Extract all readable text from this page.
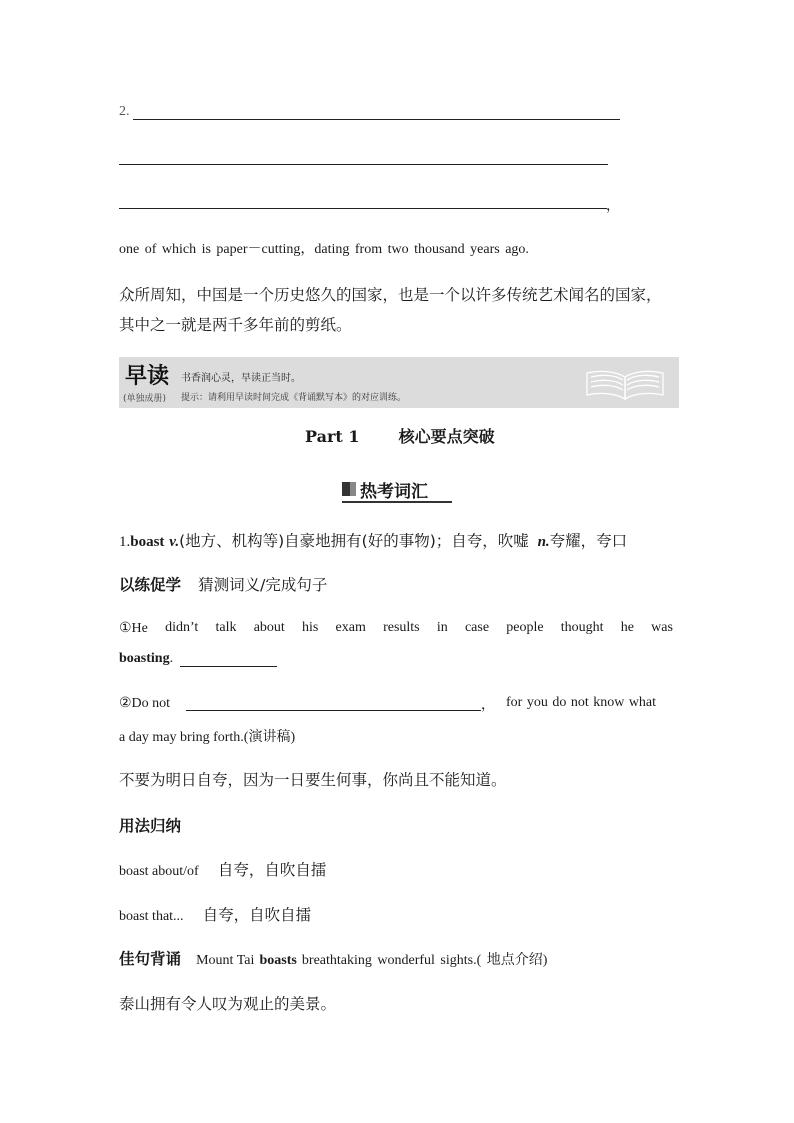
2.
，
one of which is paper－cutting，dating from two thousand years ago.
众所周知，中国是一个历史悠久的国家，也是一个以许多传统艺术闻名的国家，
其中之一就是两千多年前的剪纸。
早读 书香润心灵，早读正当时。
(单独成册) 提示：请利用早读时间完成《背诵默写本》的对应训练。
Part 1 核心要点突破
热考词汇
1.boast v.(地方、机构等)自豪地拥有(好的事物)；自夸，吹嘘 n.夸耀，夸口
以练促学 猜测词义/完成句子
①He didn’t talk about his exam results in case people thought he was
boasting.
②Do not	， for you do not know what
a day may bring forth.(演讲稿)
不要为明日自夸，因为一日要生何事，你尚且不能知道。
用法归纳
boast about/of 自夸，自吹自擂
boast that... 自夸，自吹自擂
佳句背诵 Mount Tai boasts breathtaking wonderful sights.( 地点介绍)
泰山拥有令人叹为观止的美景。
